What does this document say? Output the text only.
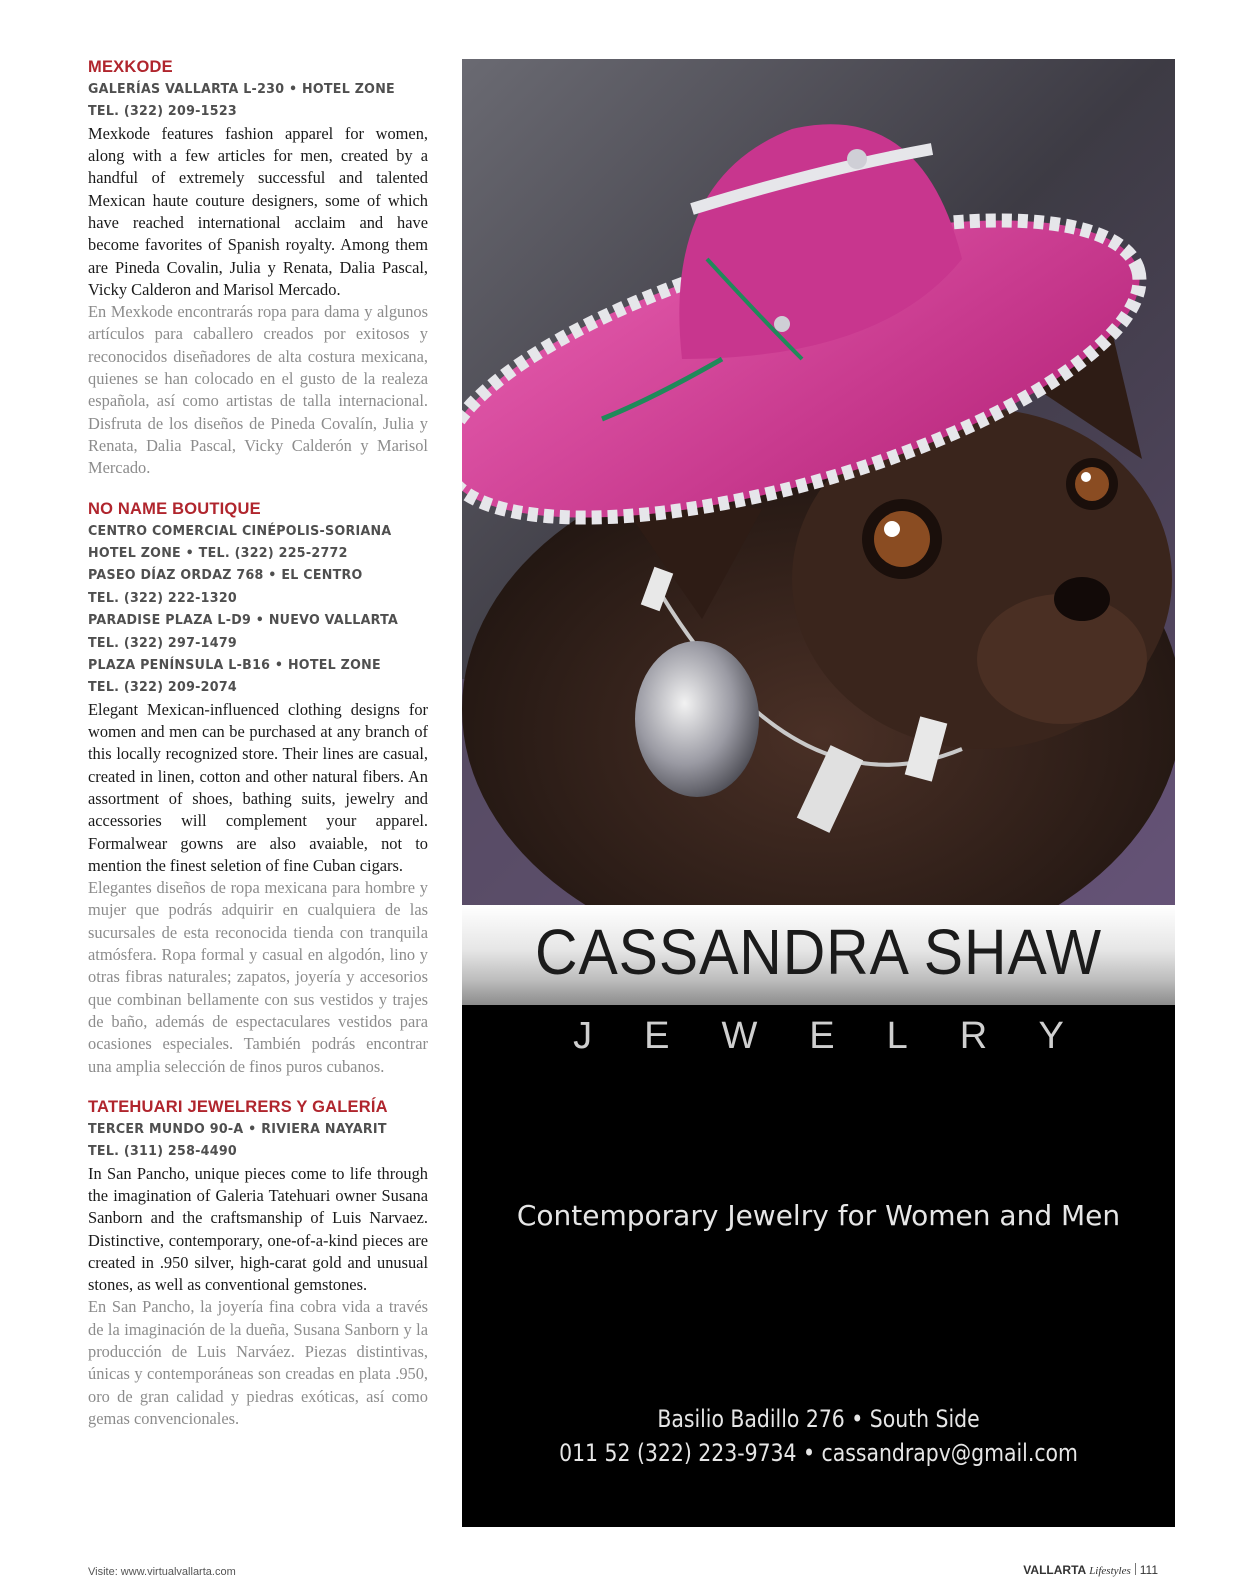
MEXKODE
GALERÍAS VALLARTA L-230 • HOTEL ZONE
TEL. (322) 209-1523

Mexkode features fashion apparel for women, along with a few articles for men, created by a handful of extremely successful and talented Mexican haute couture designers, some of which have reached international acclaim and have become favorites of Spanish royalty. Among them are Pineda Covalin, Julia y Renata, Dalia Pascal, Vicky Calderon and Marisol Mercado.

En Mexkode encontrarás ropa para dama y algunos artículos para caballero creados por exitosos y reconocidos diseñadores de alta costura mexicana, quienes se han colocado en el gusto de la realeza española, así como artistas de talla internacional. Disfruta de los diseños de Pineda Covalín, Julia y Renata, Dalia Pascal, Vicky Calderón y Marisol Mercado.

NO NAME BOUTIQUE
CENTRO COMERCIAL CINÉPOLIS-SORIANA
HOTEL ZONE • TEL. (322) 225-2772
PASEO DÍAZ ORDAZ 768 • EL CENTRO
TEL. (322) 222-1320
PARADISE PLAZA L-D9 • NUEVO VALLARTA
TEL. (322) 297-1479
PLAZA PENÍNSULA L-B16 • HOTEL ZONE
TEL. (322) 209-2074

Elegant Mexican-influenced clothing designs for women and men can be purchased at any branch of this locally recognized store. Their lines are casual, created in linen, cotton and other natural fibers. An assortment of shoes, bathing suits, jewelry and accessories will complement your apparel. Formalwear gowns are also avaiable, not to mention the finest seletion of fine Cuban cigars.

Elegantes diseños de ropa mexicana para hombre y mujer que podrás adquirir en cualquiera de las sucursales de esta reconocida tienda con tranquila atmósfera. Ropa formal y casual en algodón, lino y otras fibras naturales; zapatos, joyería y accesorios que combinan bellamente con sus vestidos y trajes de baño, además de espectaculares vestidos para ocasiones especiales. También podrás encontrar una amplia selección de finos puros cubanos.

TATEHUARI JEWELRERS Y GALERÍA
TERCER MUNDO 90-A • RIVIERA NAYARIT
TEL. (311) 258-4490

In San Pancho, unique pieces come to life through the imagination of Galeria Tatehuari owner Susana Sanborn and the craftsmanship of Luis Narvaez. Distinctive, contemporary, one-of-a-kind pieces are created in .950 silver, high-carat gold and unusual stones, as well as conventional gemstones.

En San Pancho, la joyería fina cobra vida a través de la imaginación de la dueña, Susana Sanborn y la producción de Luis Narváez. Piezas distintivas, únicas y contemporáneas son creadas en plata .950, oro de gran calidad y piedras exóticas, así como gemas convencionales.

CASSANDRA SHAW
JEWELRY
Contemporary Jewelry for Women and Men
Basilio Badillo 276 • South Side
011 52 (322) 223-9734 • cassandrapv@gmail.com
Visite: www.virtualvallarta.com	VALLARTA Lifestyles 111
